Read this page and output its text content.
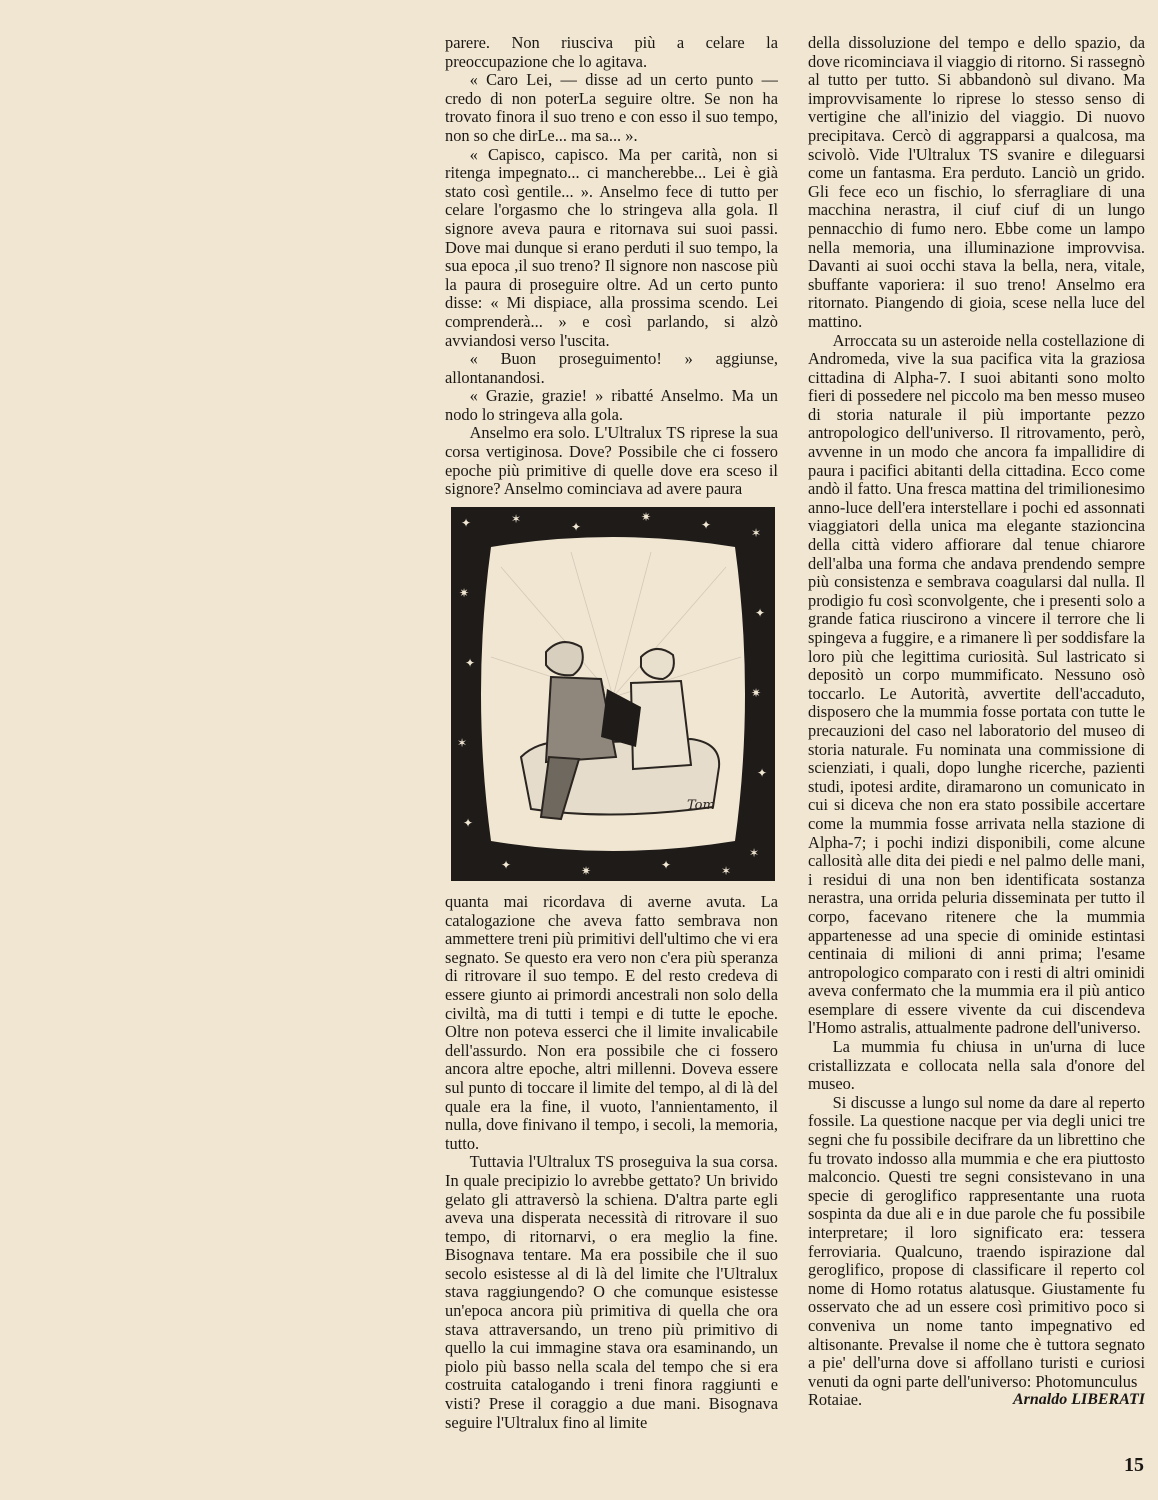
parere. Non riusciva più a celare la preoccupazione che lo agitava.

« Caro Lei, — disse ad un certo punto — credo di non poterLa seguire oltre. Se non ha trovato finora il suo treno e con esso il suo tempo, non so che dirLe... ma sa... ».

« Capisco, capisco. Ma per carità, non si ritenga impegnato... ci mancherebbe... Lei è già stato così gentile... ». Anselmo fece di tutto per celare l'orgasmo che lo stringeva alla gola. Il signore aveva paura e ritornava sui suoi passi. Dove mai dunque si erano perduti il suo tempo, la sua epoca ,il suo treno? Il signore non nascose più la paura di proseguire oltre. Ad un certo punto disse: « Mi dispiace, alla prossima scendo. Lei comprenderà... » e così parlando, si alzò avviandosi verso l'uscita.

« Buon proseguimento! » aggiunse, allontanandosi.

« Grazie, grazie! » ribatté Anselmo. Ma un nodo lo stringeva alla gola.

Anselmo era solo. L'Ultralux TS riprese la sua corsa vertiginosa. Dove? Possibile che ci fossero epoche più primitive di quelle dove era sceso il signore? Anselmo cominciava ad avere paura

✦	✶
✦
✷
✦
✶
✷
✦
✶
✦
✦
✷
✦
✶
✦	✷	✦	✶
Tom

quanta mai ricordava di averne avuta. La catalogazione che aveva fatto sembrava non ammettere treni più primitivi dell'ultimo che vi era segnato. Se questo era vero non c'era più speranza di ritrovare il suo tempo. E del resto credeva di essere giunto ai primordi ancestrali non solo della civiltà, ma di tutti i tempi e di tutte le epoche. Oltre non poteva esserci che il limite invalicabile dell'assurdo. Non era possibile che ci fossero ancora altre epoche, altri millenni. Doveva essere sul punto di toccare il limite del tempo, al di là del quale era la fine, il vuoto, l'annientamento, il nulla, dove finivano il tempo, i secoli, la memoria, tutto.

Tuttavia l'Ultralux TS proseguiva la sua corsa. In quale precipizio lo avrebbe gettato? Un brivido gelato gli attraversò la schiena. D'altra parte egli aveva una disperata necessità di ritrovare il suo tempo, di ritornarvi, o era meglio la fine. Bisognava tentare. Ma era possibile che il suo secolo esistesse al di là del limite che l'Ultralux stava raggiungendo? O che comunque esistesse un'epoca ancora più primitiva di quella che ora stava attraversando, un treno più primitivo di quello la cui immagine stava ora esaminando, un piolo più basso nella scala del tempo che si era costruita catalogando i treni finora raggiunti e visti? Prese il coraggio a due mani. Bisognava seguire l'Ultralux fino al limite

della dissoluzione del tempo e dello spazio, da dove ricominciava il viaggio di ritorno. Si rassegnò al tutto per tutto. Si abbandonò sul divano. Ma improvvisamente lo riprese lo stesso senso di vertigine che all'inizio del viaggio. Di nuovo precipitava. Cercò di aggrapparsi a qualcosa, ma scivolò. Vide l'Ultralux TS svanire e dileguarsi come un fantasma. Era perduto. Lanciò un grido. Gli fece eco un fischio, lo sferragliare di una macchina nerastra, il ciuf ciuf di un lungo pennacchio di fumo nero. Ebbe come un lampo nella memoria, una illuminazione improvvisa. Davanti ai suoi occhi stava la bella, nera, vitale, sbuffante vaporiera: il suo treno! Anselmo era ritornato. Piangendo di gioia, scese nella luce del mattino.

Arroccata su un asteroide nella costellazione di Andromeda, vive la sua pacifica vita la graziosa cittadina di Alpha-7. I suoi abitanti sono molto fieri di possedere nel piccolo ma ben messo museo di storia naturale il più importante pezzo antropologico dell'universo. Il ritrovamento, però, avvenne in un modo che ancora fa impallidire di paura i pacifici abitanti della cittadina. Ecco come andò il fatto. Una fresca mattina del trimilionesimo anno-luce dell'era interstellare i pochi ed assonnati viaggiatori della unica ma elegante stazioncina della città videro affiorare dal tenue chiarore dell'alba una forma che andava prendendo sempre più consistenza e sembrava coagularsi dal nulla. Il prodigio fu così sconvolgente, che i presenti solo a grande fatica riuscirono a vincere il terrore che li spingeva a fuggire, e a rimanere lì per soddisfare la loro più che legittima curiosità. Sul lastricato si depositò un corpo mummificato. Nessuno osò toccarlo. Le Autorità, avvertite dell'accaduto, disposero che la mummia fosse portata con tutte le precauzioni del caso nel laboratorio del museo di storia naturale. Fu nominata una commissione di scienziati, i quali, dopo lunghe ricerche, pazienti studi, ipotesi ardite, diramarono un comunicato in cui si diceva che non era stato possibile accertare come la mummia fosse arrivata nella stazione di Alpha-7; i pochi indizi disponibili, come alcune callosità alle dita dei piedi e nel palmo delle mani, i residui di una non ben identificata sostanza nerastra, una orrida peluria disseminata per tutto il corpo, facevano ritenere che la mummia appartenesse ad una specie di ominide estintasi centinaia di milioni di anni prima; l'esame antropologico comparato con i resti di altri ominidi aveva confermato che la mummia era il più antico esemplare di essere vivente da cui discendeva l'Homo astralis, attualmente padrone dell'universo.

La mummia fu chiusa in un'urna di luce cristallizzata e collocata nella sala d'onore del museo.

Si discusse a lungo sul nome da dare al reperto fossile. La questione nacque per via degli unici tre segni che fu possibile decifrare da un librettino che fu trovato indosso alla mummia e che era piuttosto malconcio. Questi tre segni consistevano in una specie di geroglifico rappresentante una ruota sospinta da due ali e in due parole che fu possibile interpretare; il loro significato era: tessera ferroviaria. Qualcuno, traendo ispirazione dal geroglifico, propose di classificare il reperto col nome di Homo rotatus alatusque. Giustamente fu osservato che ad un essere così primitivo poco si conveniva un nome tanto impegnativo ed altisonante. Prevalse il nome che è tuttora segnato a pie' dell'urna dove si affollano turisti e curiosi venuti da ogni parte dell'universo: Photomunculus

Rotaiae.	Arnaldo LIBERATI
15
